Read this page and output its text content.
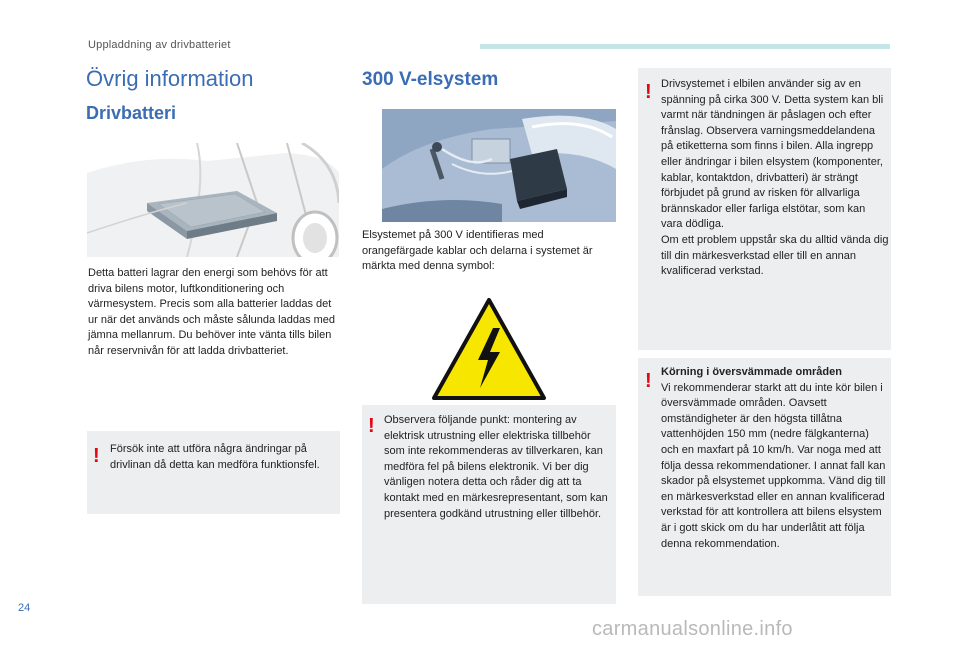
Uppladdning av drivbatteriet
Övrig information
Drivbatteri

Detta batteri lagrar den energi som behövs för att driva bilens motor, luftkonditionering och värmesystem. Precis som alla batterier laddas det ur när det används och måste sålunda laddas med jämna mellanrum. Du behöver inte vänta tills bilen når reservnivån för att ladda drivbatteriet.

! Försök inte att utföra några ändringar på drivlinan då detta kan medföra funktionsfel.

300 V-elsystem

Elsystemet på 300 V identifieras med orangefärgade kablar och delarna i systemet är märkta med denna symbol:

! Observera följande punkt: montering av elektrisk utrustning eller elektriska tillbehör som inte rekommenderas av tillverkaren, kan medföra fel på bilens elektronik. Vi ber dig vänligen notera detta och råder dig att ta kontakt med en märkesrepresentant, som kan presentera godkänd utrustning eller tillbehör.

! Drivsystemet i elbilen använder sig av en spänning på cirka 300 V. Detta system kan bli varmt när tändningen är påslagen och efter frånslag. Observera varningsmeddelandena på etiketterna som finns i bilen. Alla ingrepp eller ändringar i bilen elsystem (komponenter, kablar, kontaktdon, drivbatteri) är strängt förbjudet på grund av risken för allvarliga brännskador eller farliga elstötar, som kan vara dödliga.
Om ett problem uppstår ska du alltid vända dig till din märkesverkstad eller till en annan kvalificerad verkstad.

! Körning i översvämmade områden
Vi rekommenderar starkt att du inte kör bilen i översvämmade områden. Oavsett omständigheter är den högsta tillåtna vattenhöjden 150 mm (nedre fälgkanterna) och en maxfart på 10 km/h. Var noga med att följa dessa rekommendationer. I annat fall kan skador på elsystemet uppkomma. Vänd dig till en märkesverkstad eller en annan kvalificerad verkstad för att kontrollera att bilens elsystem är i gott skick om du har underlåtit att följa denna rekommendation.
24
carmanualsonline.info
